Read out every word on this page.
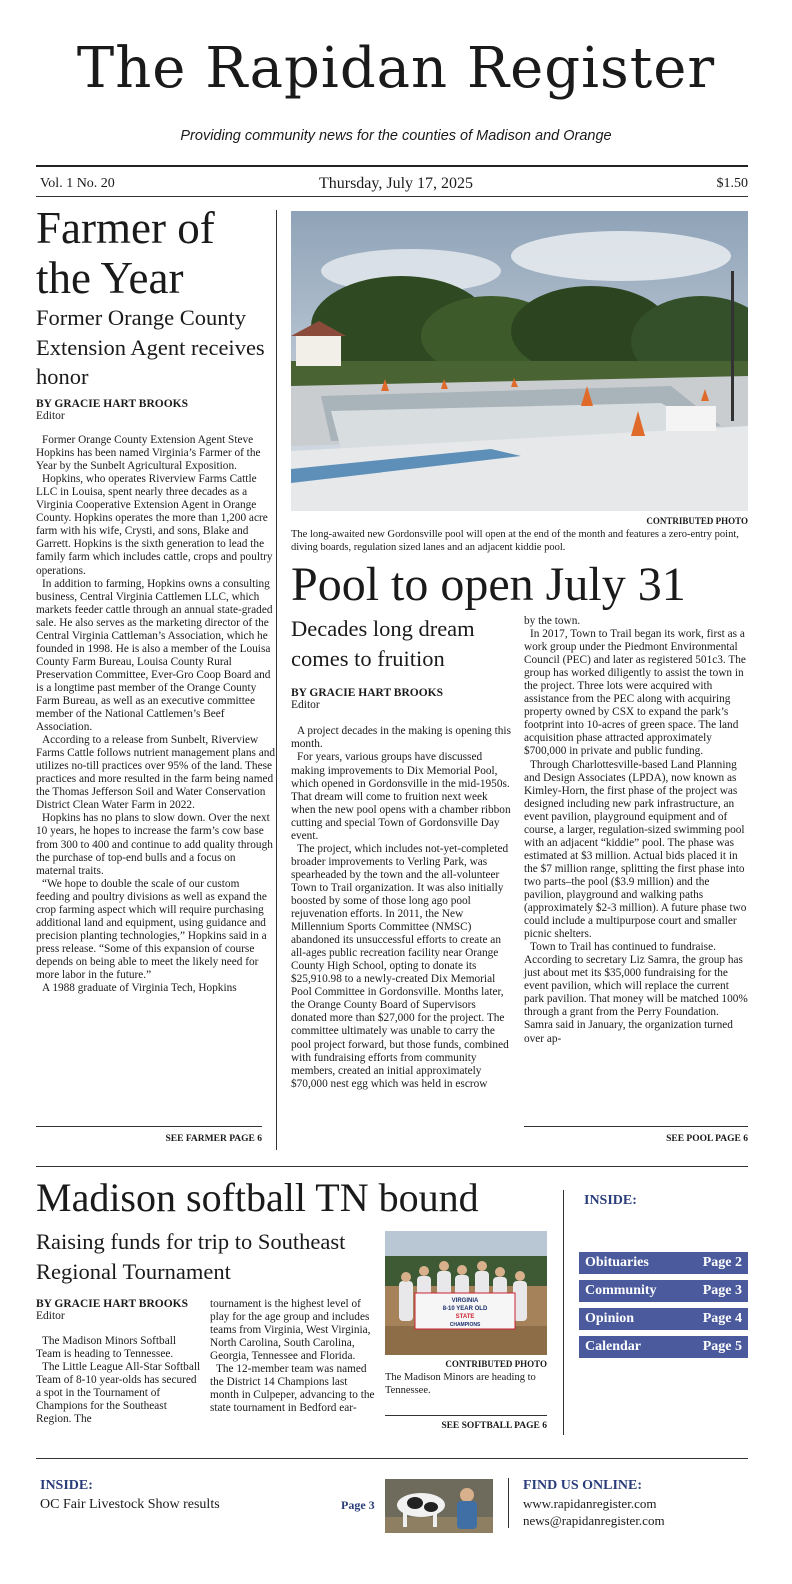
The Rapidan Register
Providing community news for the counties of Madison and Orange
Vol. 1 No. 20	Thursday, July 17, 2025	$1.50
Farmer of the Year
Former Orange County Extension Agent receives honor
BY GRACIE HART BROOKS
Editor

Former Orange County Extension Agent Steve Hopkins has been named Virginia’s Farmer of the Year by the Sunbelt Agricultural Exposition.

Hopkins, who operates Riverview Farms Cattle LLC in Louisa, spent nearly three decades as a Virginia Cooperative Extension Agent in Orange County. Hopkins operates the more than 1,200 acre farm with his wife, Crysti, and sons, Blake and Garrett. Hopkins is the sixth generation to lead the family farm which includes cattle, crops and poultry operations.

In addition to farming, Hopkins owns a consulting business, Central Virginia Cattlemen LLC, which markets feeder cattle through an annual state-graded sale. He also serves as the marketing director of the Central Virginia Cattleman’s Association, which he founded in 1998. He is also a member of the Louisa County Farm Bureau, Louisa County Rural Preservation Committee, Ever-Gro Coop Board and is a longtime past member of the Orange County Farm Bureau, as well as an executive committee member of the National Cattlemen’s Beef Association.

According to a release from Sunbelt, Riverview Farms Cattle follows nutrient management plans and utilizes no-till practices over 95% of the land. These practices and more resulted in the farm being named the Thomas Jefferson Soil and Water Conservation District Clean Water Farm in 2022.

Hopkins has no plans to slow down. Over the next 10 years, he hopes to increase the farm’s cow base from 300 to 400 and continue to add quality through the purchase of top-end bulls and a focus on maternal traits.

“We hope to double the scale of our custom feeding and poultry divisions as well as expand the crop farming aspect which will require purchasing additional land and equipment, using guidance and precision planting technologies,” Hopkins said in a press release. “Some of this expansion of course depends on being able to meet the likely need for more labor in the future.”

A 1988 graduate of Virginia Tech, Hopkins

SEE FARMER PAGE 6
CONTRIBUTED PHOTO
The long-awaited new Gordonsville pool will open at the end of the month and features a zero-entry point, diving boards, regulation sized lanes and an adjacent kiddie pool.
Pool to open July 31
Decades long dream comes to fruition
BY GRACIE HART BROOKS
Editor

A project decades in the making is opening this month.

For years, various groups have discussed making improvements to Dix Memorial Pool, which opened in Gordonsville in the mid-1950s. That dream will come to fruition next week when the new pool opens with a chamber ribbon cutting and special Town of Gordonsville Day event.

The project, which includes not-yet-completed broader improvements to Verling Park, was spearheaded by the town and the all-volunteer Town to Trail organization. It was also initially boosted by some of those long ago pool rejuvenation efforts. In 2011, the New Millennium Sports Committee (NMSC) abandoned its unsuccessful efforts to create an all-ages public recreation facility near Orange County High School, opting to donate its $25,910.98 to a newly-created Dix Memorial Pool Committee in Gordonsville. Months later, the Orange County Board of Supervisors donated more than $27,000 for the project. The committee ultimately was unable to carry the pool project forward, but those funds, combined with fundraising efforts from community members, created an initial approximately $70,000 nest egg which was held in escrow

by the town.

In 2017, Town to Trail began its work, first as a work group under the Piedmont Environmental Council (PEC) and later as registered 501c3. The group has worked diligently to assist the town in the project. Three lots were acquired with assistance from the PEC along with acquiring property owned by CSX to expand the park’s footprint into 10-acres of green space. The land acquisition phase attracted approximately $700,000 in private and public funding.

Through Charlottesville-based Land Planning and Design Associates (LPDA), now known as Kimley-Horn, the first phase of the project was designed including new park infrastructure, an event pavilion, playground equipment and of course, a larger, regulation-sized swimming pool with an adjacent “kiddie” pool. The phase was estimated at $3 million. Actual bids placed it in the $7 million range, splitting the first phase into two parts–the pool ($3.9 million) and the pavilion, playground and walking paths (approximately $2-3 million). A future phase two could include a multipurpose court and smaller picnic shelters.

Town to Trail has continued to fundraise. According to secretary Liz Samra, the group has just about met its $35,000 fundraising for the event pavilion, which will replace the current park pavilion. That money will be matched 100% through a grant from the Perry Foundation. Samra said in January, the organization turned over ap-

SEE POOL PAGE 6
Madison softball TN bound
Raising funds for trip to Southeast Regional Tournament
BY GRACIE HART BROOKS
Editor

The Madison Minors Softball Team is heading to Tennessee.

The Little League All-Star Softball Team of 8-10 year-olds has secured a spot in the Tournament of Champions for the Southeast Region. The

tournament is the highest level of play for the age group and includes teams from Virginia, West Virginia, North Carolina, South Carolina, Georgia, Tennessee and Florida.

The 12-member team was named the District 14 Champions last month in Culpeper, advancing to the state tournament in Bedford ear-

VIRGINIA
8-10 YEAR OLD
STATE
CHAMPIONS
CONTRIBUTED PHOTO
The Madison Minors are heading to Tennessee.
SEE SOFTBALL PAGE 6
INSIDE:
Obituaries	Page 2
Community	Page 3
Opinion	Page 4
Calendar	Page 5
INSIDE:
OC Fair Livestock Show results	Page 3
FIND US ONLINE:
www.rapidanregister.com
news@rapidanregister.com
